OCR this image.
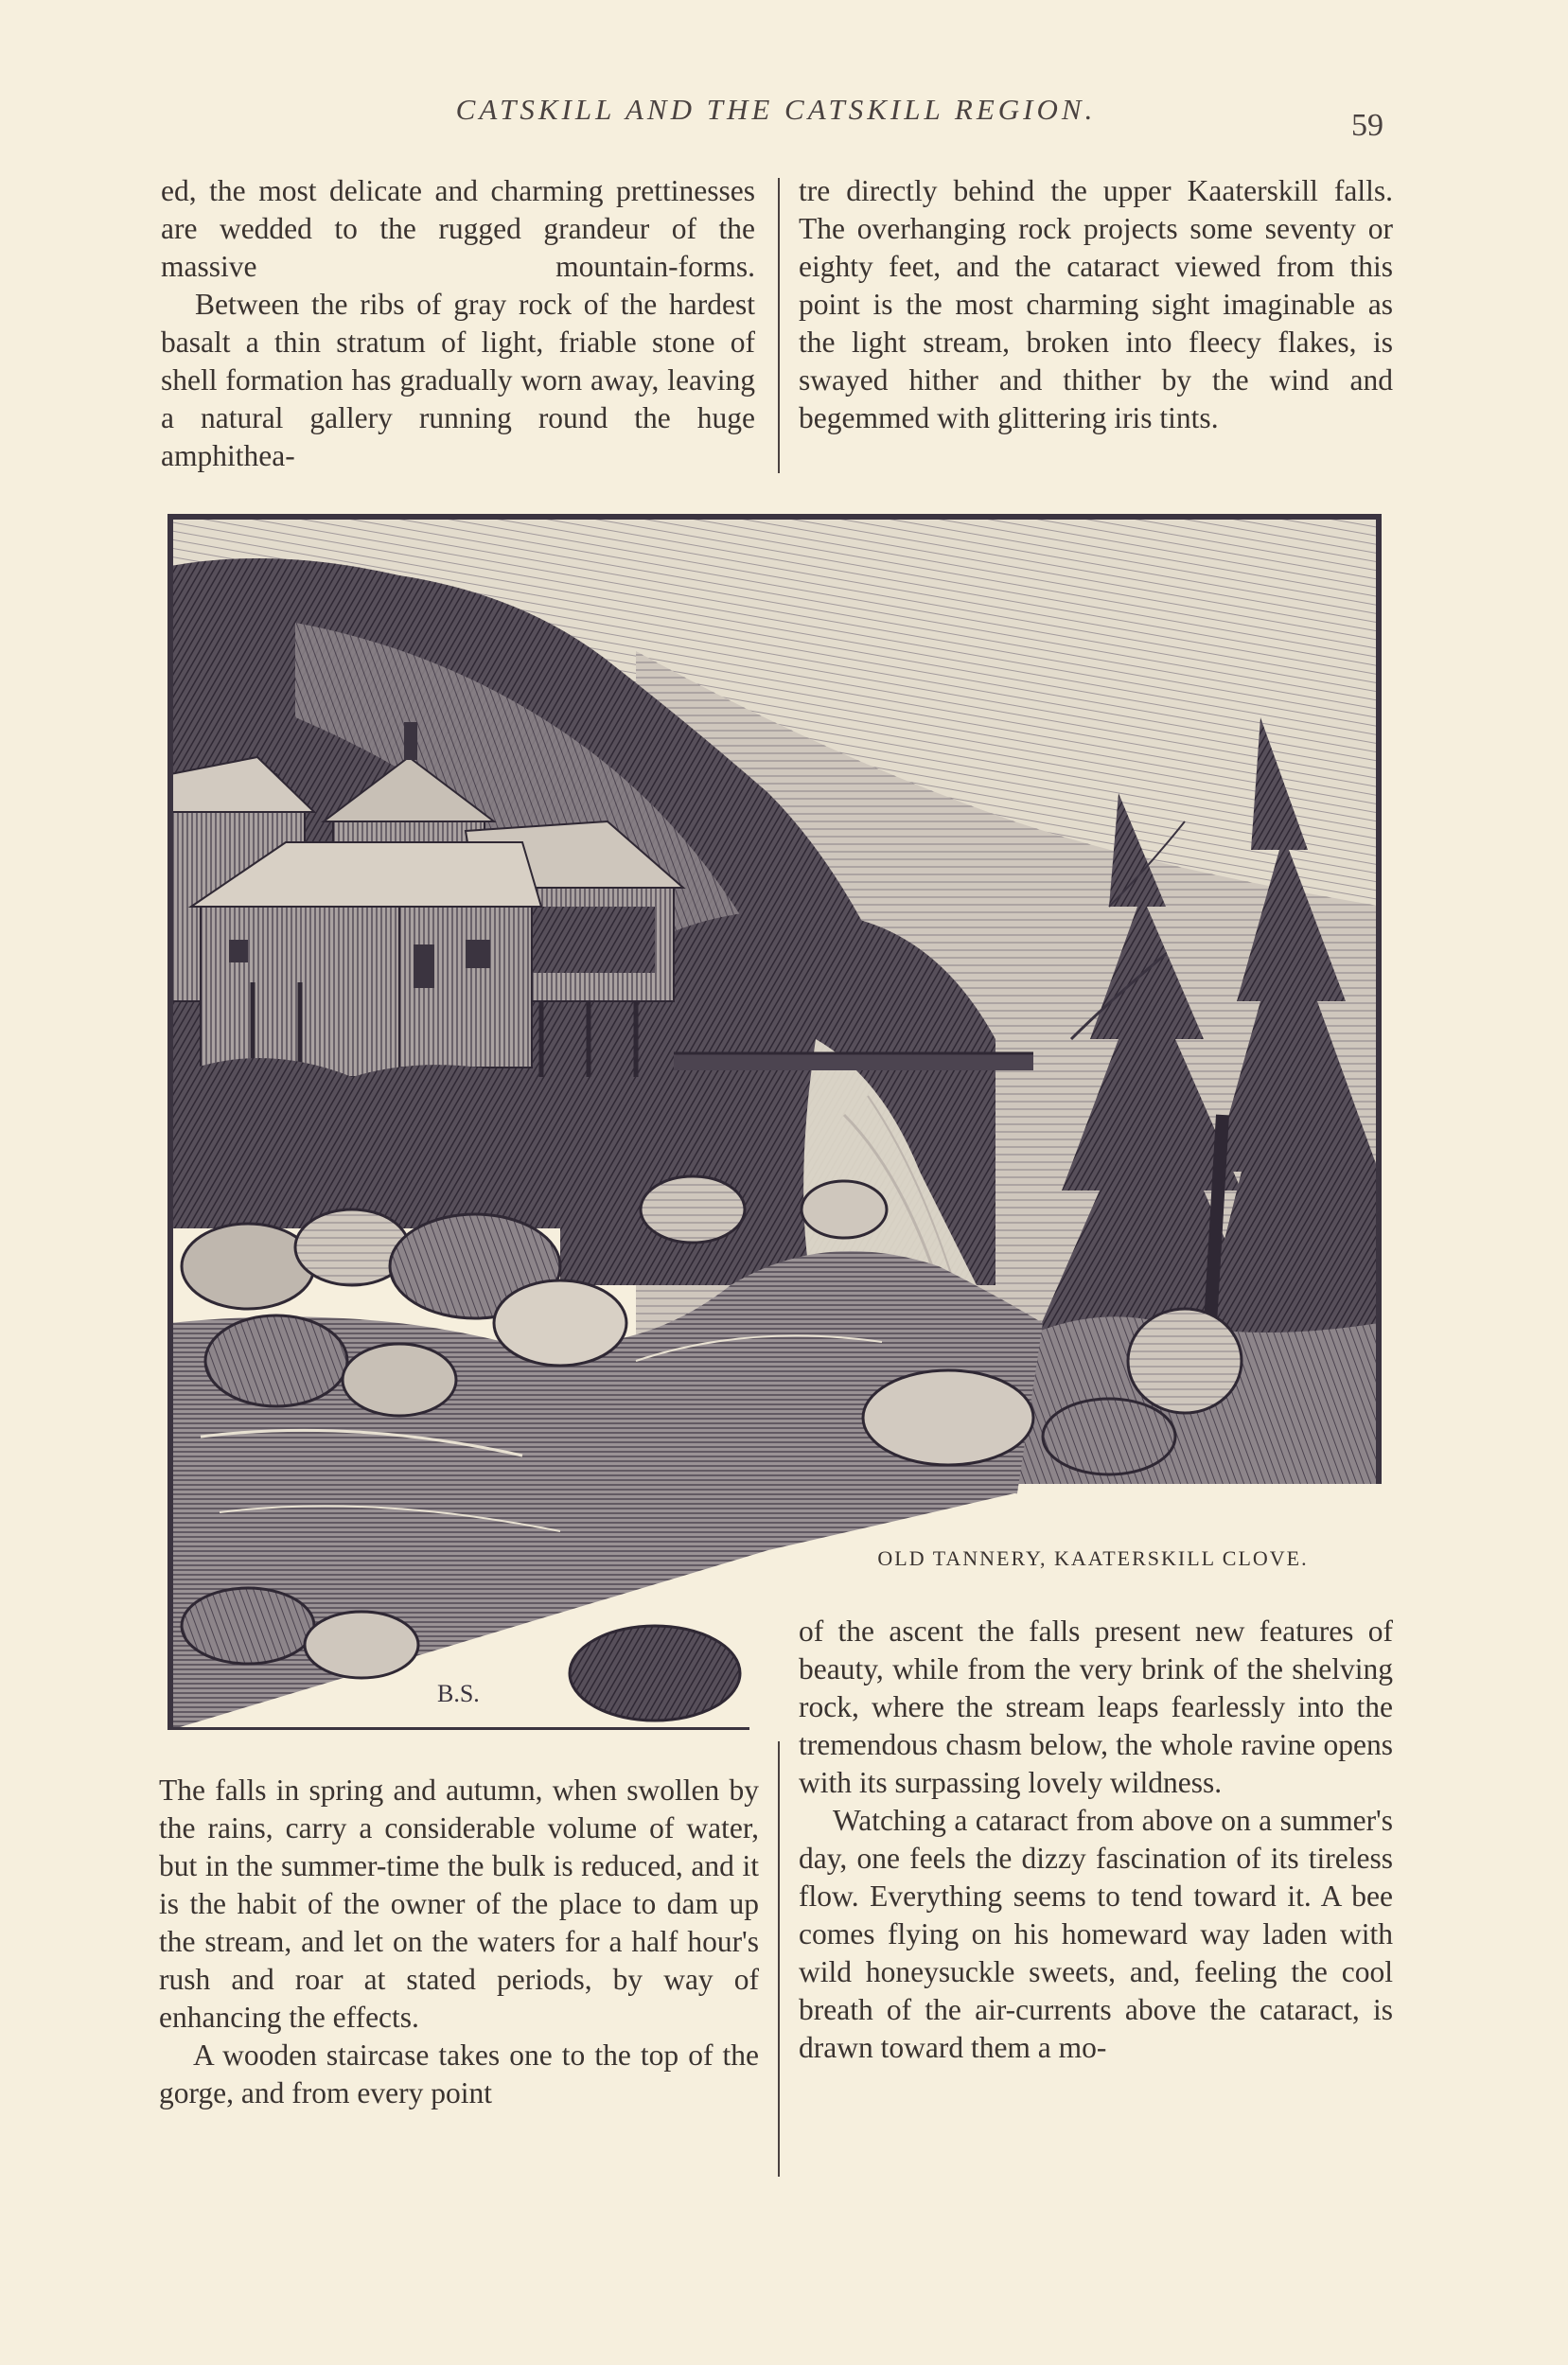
CATSKILL AND THE CATSKILL REGION.	59

ed, the most delicate and charming prettinesses are wedded to the rugged grandeur of the massive mountain-forms.

Between the ribs of gray rock of the hardest basalt a thin stratum of light, friable stone of shell formation has gradually worn away, leaving a natural gallery running round the huge amphithea-

tre directly behind the upper Kaaterskill falls. The overhanging rock projects some seventy or eighty feet, and the cataract viewed from this point is the most charming sight imaginable as the light stream, broken into fleecy flakes, is swayed hither and thither by the wind and begemmed with glittering iris tints.

B.S.
OLD TANNERY, KAATERSKILL CLOVE.

The falls in spring and autumn, when swollen by the rains, carry a considerable volume of water, but in the summer-time the bulk is reduced, and it is the habit of the owner of the place to dam up the stream, and let on the waters for a half hour's rush and roar at stated periods, by way of enhancing the effects.

A wooden staircase takes one to the top of the gorge, and from every point

of the ascent the falls present new features of beauty, while from the very brink of the shelving rock, where the stream leaps fearlessly into the tremendous chasm below, the whole ravine opens with its surpassing lovely wildness.

Watching a cataract from above on a summer's day, one feels the dizzy fascination of its tireless flow. Everything seems to tend toward it. A bee comes flying on his homeward way laden with wild honeysuckle sweets, and, feeling the cool breath of the air-currents above the cataract, is drawn toward them a mo-
